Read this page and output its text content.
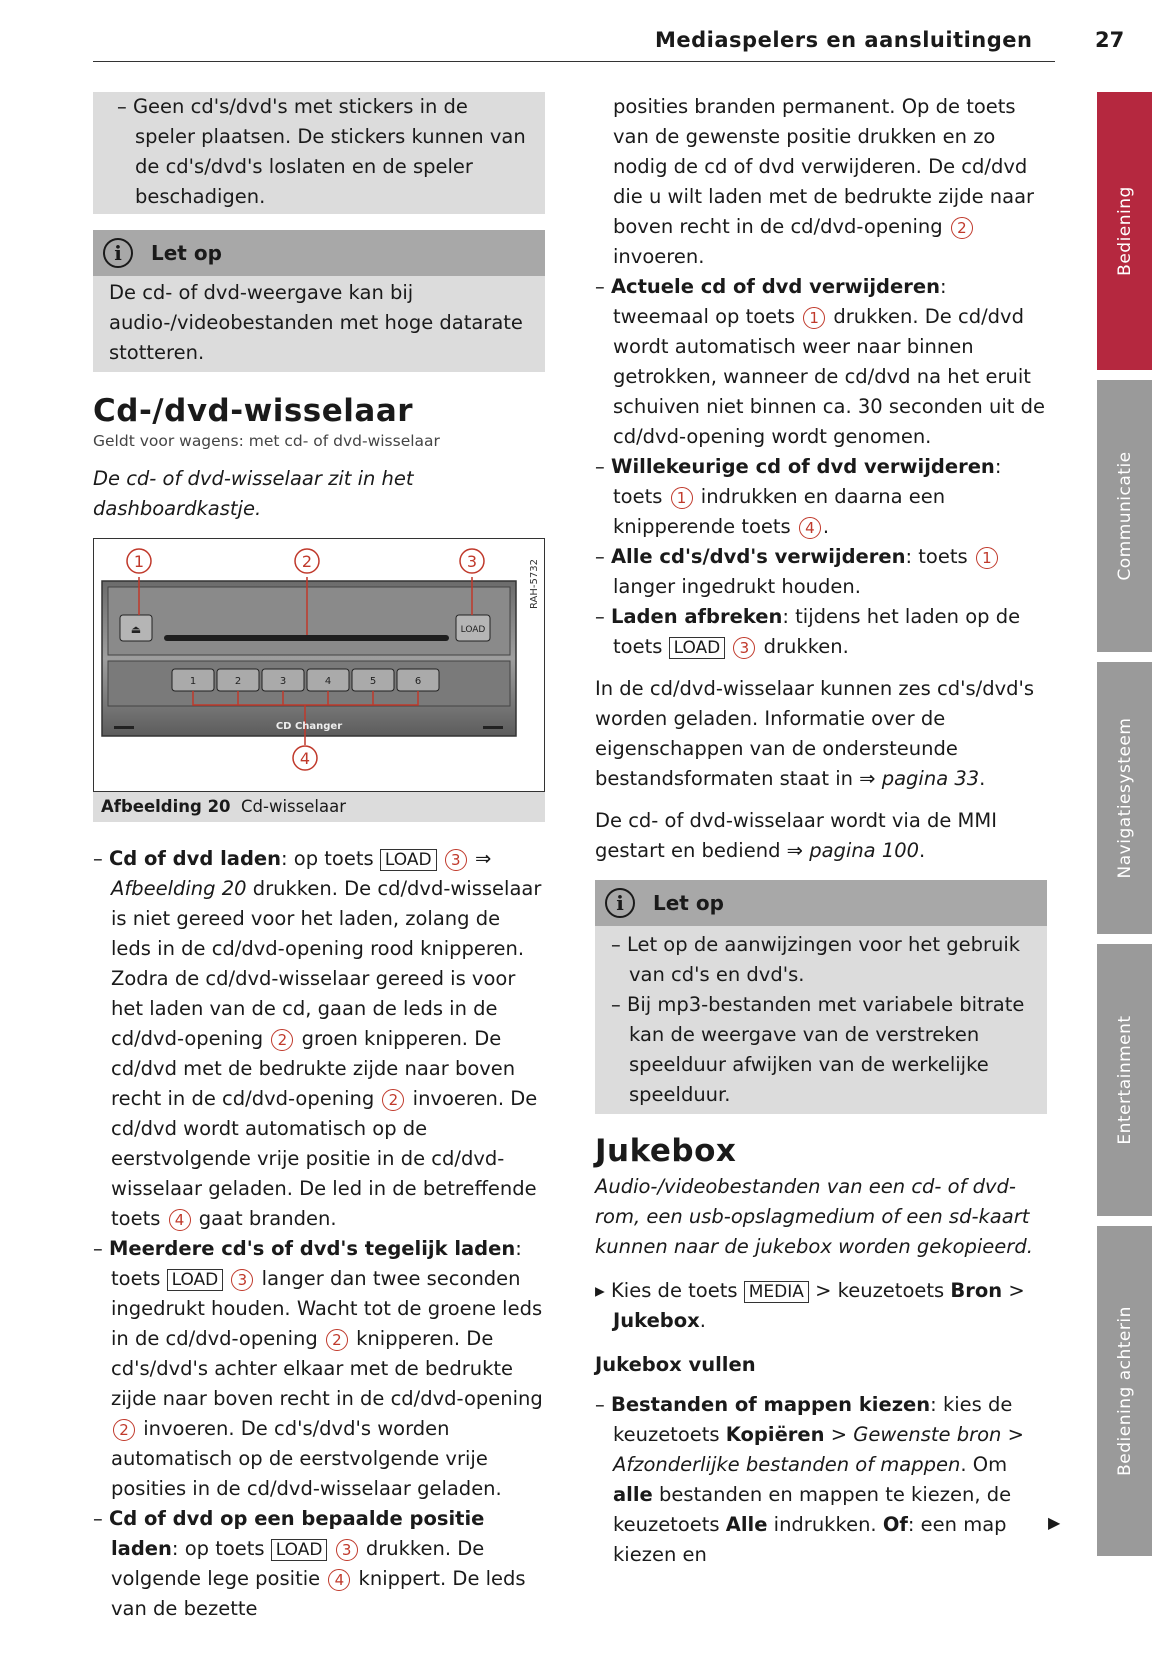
Mediaspelers en aansluitingen	27
Bediening
Communicatie
Navigatiesysteem
Entertainment
Bediening achterin

– Geen cd's/dvd's met stickers in de speler plaatsen. De stickers kunnen van de cd's/dvd's loslaten en de speler beschadigen.

i	Let op

De cd- of dvd-weergave kan bij audio-/videobestanden met hoge datarate stotteren.

Cd-/dvd-wisselaar
Geldt voor wagens: met cd- of dvd-wisselaar

De cd- of dvd-wisselaar zit in het dashboardkastje.

1	2	3
4
⏏	LOAD
1	2	3	4	5	6
CD Changer
RAH-5732
Afbeelding 20 Cd-wisselaar

– Cd of dvd laden: op toets LOAD 3 ⇒ Afbeelding 20 drukken. De cd/dvd-wisselaar is niet gereed voor het laden, zolang de leds in de cd/dvd-opening rood knipperen. Zodra de cd/dvd-wisselaar gereed is voor het laden van de cd, gaan de leds in de cd/dvd-opening 2 groen knipperen. De cd/dvd met de bedrukte zijde naar boven recht in de cd/dvd-opening 2 invoeren. De cd/dvd wordt automatisch op de eerstvolgende vrije positie in de cd/dvd-wisselaar geladen. De led in de betreffende toets 4 gaat branden.

– Meerdere cd's of dvd's tegelijk laden: toets LOAD 3 langer dan twee seconden ingedrukt houden. Wacht tot de groene leds in de cd/dvd-opening 2 knipperen. De cd's/dvd's achter elkaar met de bedrukte zijde naar boven recht in de cd/dvd-opening 2 invoeren. De cd's/dvd's worden automatisch op de eerstvolgende vrije posities in de cd/dvd-wisselaar geladen.

– Cd of dvd op een bepaalde positie laden: op toets LOAD 3 drukken. De volgende lege positie 4 knippert. De leds van de bezette

posities branden permanent. Op de toets van de gewenste positie drukken en zo nodig de cd of dvd verwijderen. De cd/dvd die u wilt laden met de bedrukte zijde naar boven recht in de cd/dvd-opening 2 invoeren.

– Actuele cd of dvd verwijderen: tweemaal op toets 1 drukken. De cd/dvd wordt automatisch weer naar binnen getrokken, wanneer de cd/dvd na het eruit schuiven niet binnen ca. 30 seconden uit de cd/dvd-opening wordt genomen.

– Willekeurige cd of dvd verwijderen: toets 1 indrukken en daarna een knipperende toets 4 .

– Alle cd's/dvd's verwijderen: toets 1 langer ingedrukt houden.

– Laden afbreken: tijdens het laden op de toets LOAD 3 drukken.

In de cd/dvd-wisselaar kunnen zes cd's/dvd's worden geladen. Informatie over de eigenschappen van de ondersteunde bestandsformaten staat in ⇒ pagina 33.

De cd- of dvd-wisselaar wordt via de MMI gestart en bediend ⇒ pagina 100.

i	Let op

– Let op de aanwijzingen voor het gebruik van cd's en dvd's.

– Bij mp3-bestanden met variabele bitrate kan de weergave van de verstreken speelduur afwijken van de werkelijke speelduur.

Jukebox

Audio-/videobestanden van een cd- of dvd-rom, een usb-opslagmedium of een sd-kaart kunnen naar de jukebox worden gekopieerd.

▸ Kies de toets MEDIA > keuzetoets Bron > Jukebox.

Jukebox vullen

– Bestanden of mappen kiezen: kies de keuzetoets Kopiëren > Gewenste bron > Afzonderlijke bestanden of mappen. Om alle bestanden en mappen te kiezen, de keuzetoets Alle indrukken. Of: een map kiezen en

▶
